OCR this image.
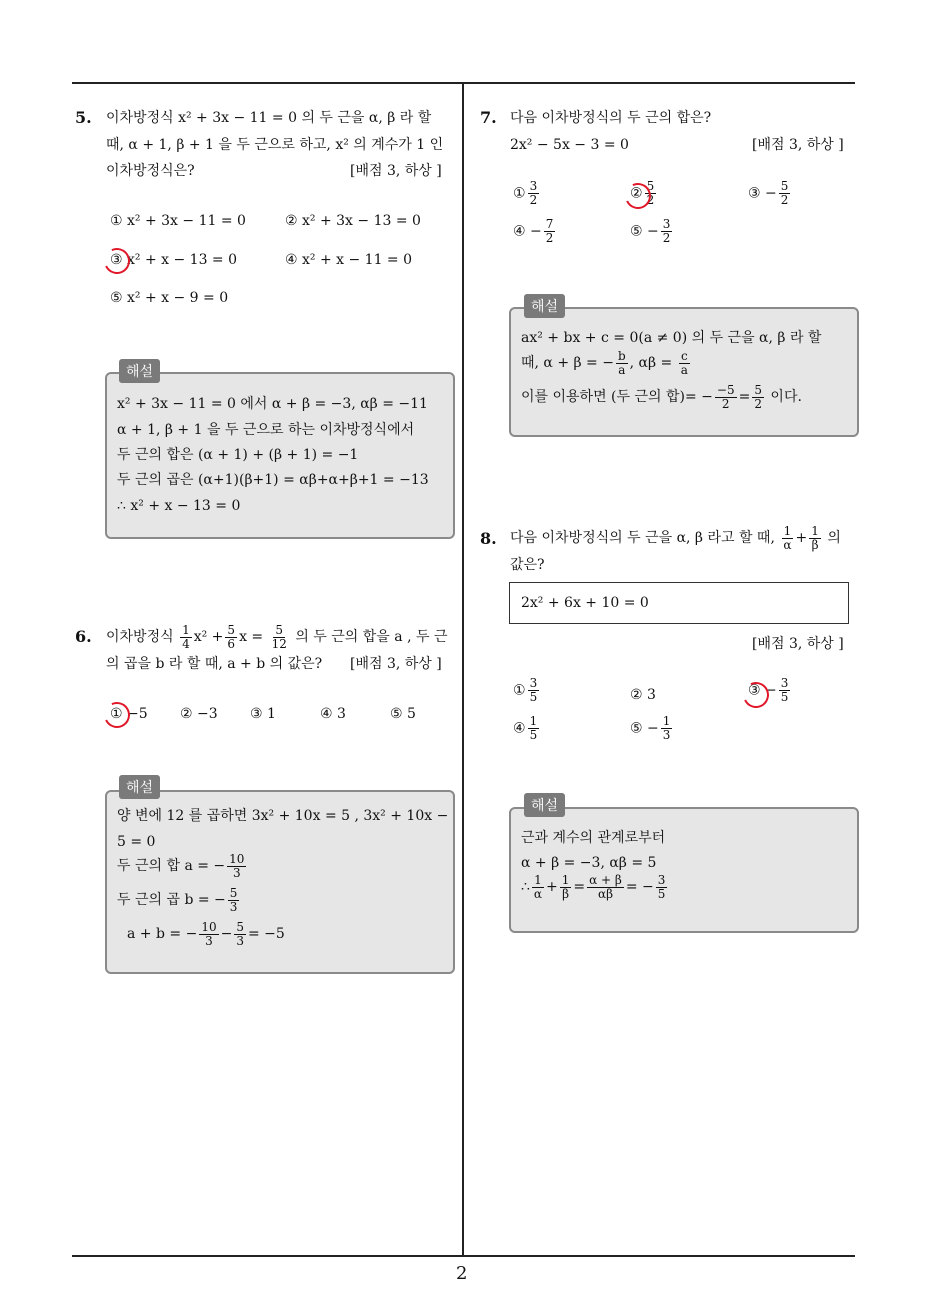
5. 이차방정식 x² + 3x − 11 = 0 의 두 근을 α, β 라 할
때, α + 1, β + 1 을 두 근으로 하고, x² 의 계수가 1 인
이차방정식은?	[배점 3, 하상 ]
① x² + 3x − 11 = 0	② x² + 3x − 13 = 0
③ x² + x − 13 = 0	④ x² + x − 11 = 0
⑤ x² + x − 9 = 0
해설
x² + 3x − 11 = 0 에서 α + β = −3, αβ = −11
α + 1, β + 1 을 두 근으로 하는 이차방정식에서
두 근의 합은 (α + 1) + (β + 1) = −1
두 근의 곱은 (α+1)(β+1) = αβ+α+β+1 = −13
∴ x² + x − 13 = 0
6. 이차방정식 $\frac{1}{4} x^2 + \frac{5}{6}$ $x = \frac{5}{12}$ 의 두 근의 합을 a , 두 근
의 곱을 b 라 할 때, a + b 의 값은? [배점 3, 하상 ]
① −5 ② −3 ③ 1	④ 3	⑤ 5
해설
양 변에 12 를 곱하면 3x² + 10x = 5 , 3x² + 10x −
5 = 0
두 근의 합 a = − $\frac{10}{3}$
두 근의 곱 b = − $\frac{5}{3}$
a + b = − $\frac{10}{3} - \frac{5}{3} = -5$
7. 다음 이차방정식의 두 근의 합은?
2x² − 5x − 3 = 0	[배점 3, 하상 ]
① $\frac{3}{2}$	② $\frac{5}{2}$	③ − $\frac{5}{2}$
④ − $\frac{7}{2}$	⑤ − $\frac{3}{2}$
해설
ax² + bx + c = 0(a ≠ 0) 의 두 근을 α, β 라 할
때, α + β = − $\frac{b}{a}$ , $\alpha\beta = \frac{c}{a}$
이를 이용하면 (두 근의 합)= − $\frac{-5}{2} = \frac{5}{2}$ 이다.
8. 다음 이차방정식의 두 근을 α, β 라고 할 때, $\frac{1}{\alpha} + \frac{1}{\beta}$ 의
값은?
2x² + 6x + 10 = 0
[배점 3, 하상 ]
① $\frac{3}{5}$	② 3	③ − $\frac{3}{5}$
④ $\frac{1}{5}$	⑤ − $\frac{1}{3}$
해설
근과 계수의 관계로부터
α + β = −3, αβ = 5
∴ $\frac{1}{\alpha} + \frac{1}{\beta} = \frac{\alpha + \beta}{\alpha\beta}$ = − $\frac{3}{5}$
2
